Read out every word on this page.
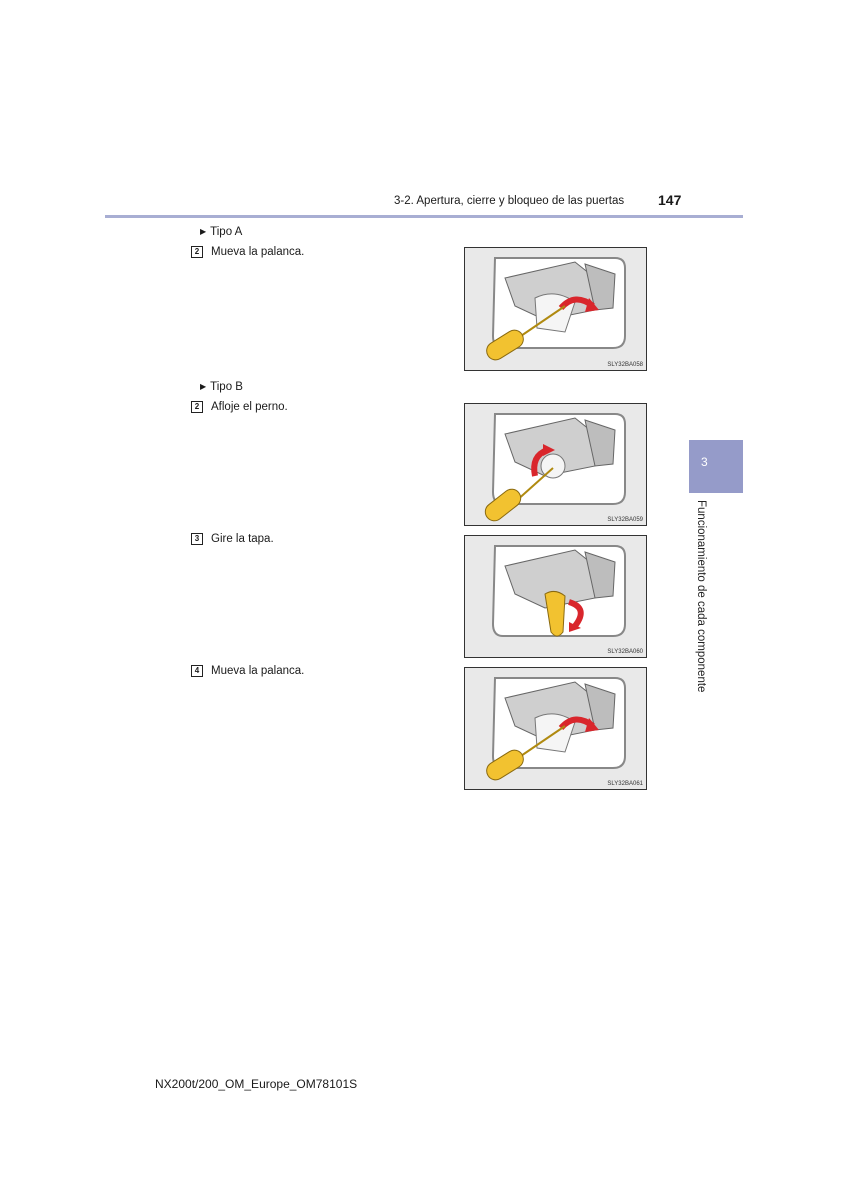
3-2. Apertura, cierre y bloqueo de las puertas 147
3
Funcionamiento de cada componente
▶ Tipo A
2	Mueva la palanca.
SLY32BA058
▶ Tipo B
2	Afloje el perno.
SLY32BA059
3	Gire la tapa.
SLY32BA060
4	Mueva la palanca.
SLY32BA061
NX200t/200_OM_Europe_OM78101S
